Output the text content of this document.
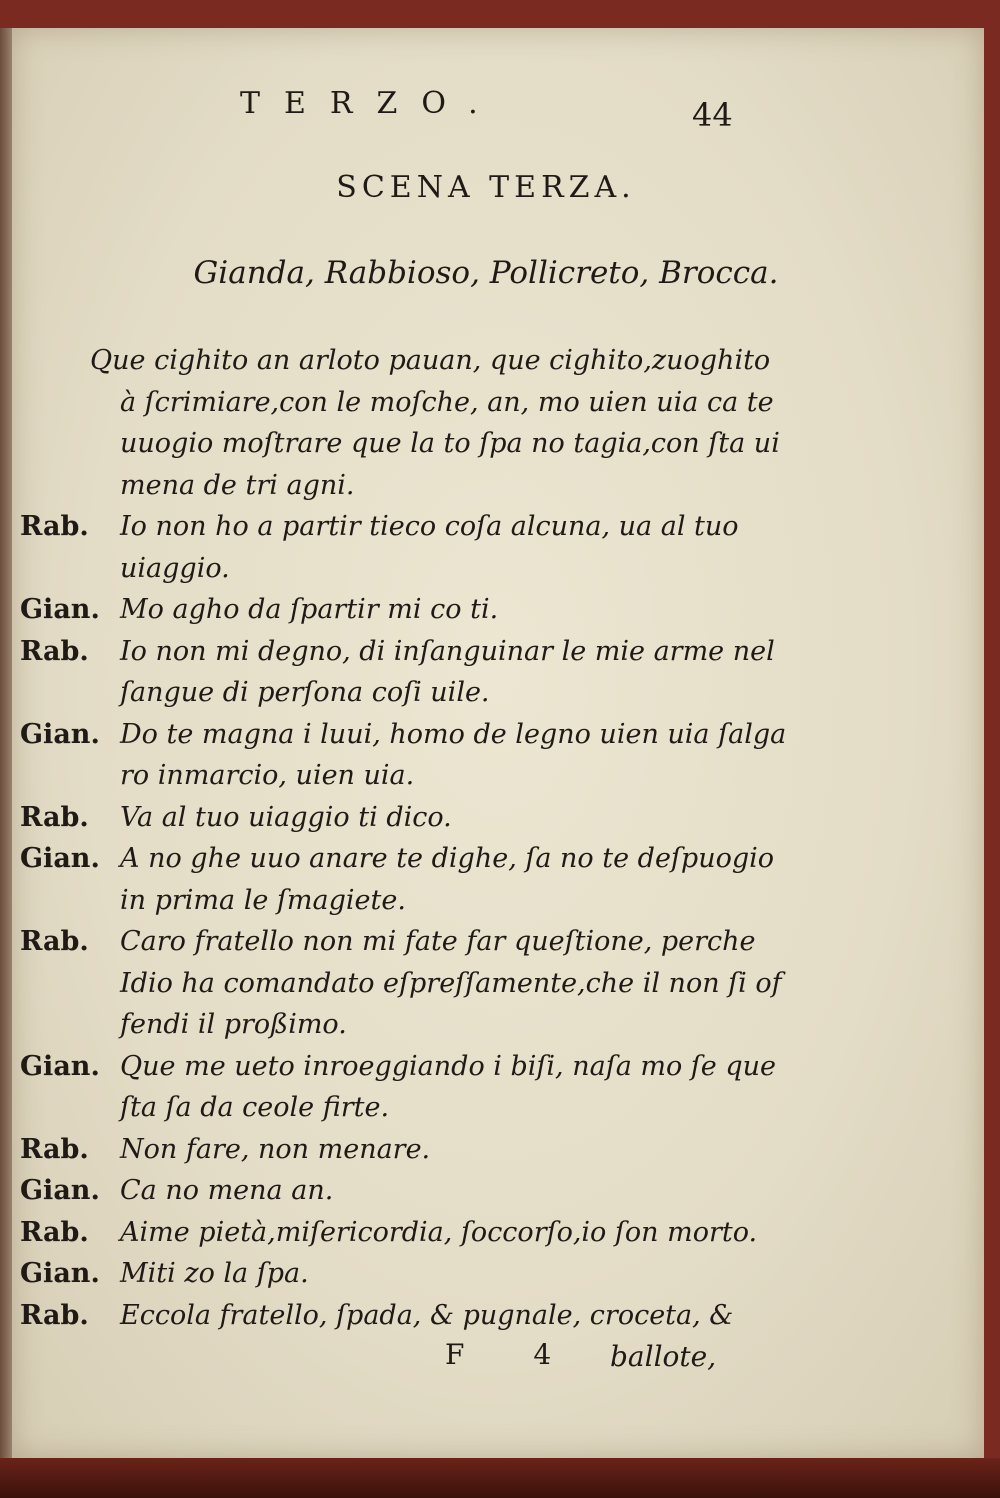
TERZO.	44
SCENA TERZA.
Gianda, Rabbioso, Pollicreto, Brocca.
Que cighito an arloto pauan, que cighito,zuoghito
à ſcrimiare,con le moſche, an, mo uien uia ca te
uuogio moſtrare que la to ſpa no tagia,con ſta ui
mena de tri agni.
Rab.	Io non ho a partir tieco coſa alcuna, ua al tuo
uiaggio.
Gian. Mo agho da ſpartir mi co ti.
Rab.	Io non mi degno, di inſanguinar le mie arme nel
ſangue di perſona coſi uile.
Gian. Do te magna i luui, homo de legno uien uia ſalga
ro inmarcio, uien uia.
Rab.	Va al tuo uiaggio ti dico.
Gian. A no ghe uuo anare te dighe, ſa no te deſpuogio
in prima le ſmagiete.
Rab.	Caro fratello non mi fate far queſtione, perche
Idio ha comandato eſpreſſamente,che il non ſi of
fendi il proßimo.
Gian. Que me ueto inroeggiando i biſi, naſa mo ſe que
ſta ſa da ceole firte.
Rab.	Non fare, non menare.
Gian. Ca no mena an.
Rab.	Aime pietà,miſericordia, ſoccorſo,io ſon morto.
Gian. Miti zo la ſpa.
Rab.	Eccola fratello, ſpada, & pugnale, croceta, &
F 4 ballote,
